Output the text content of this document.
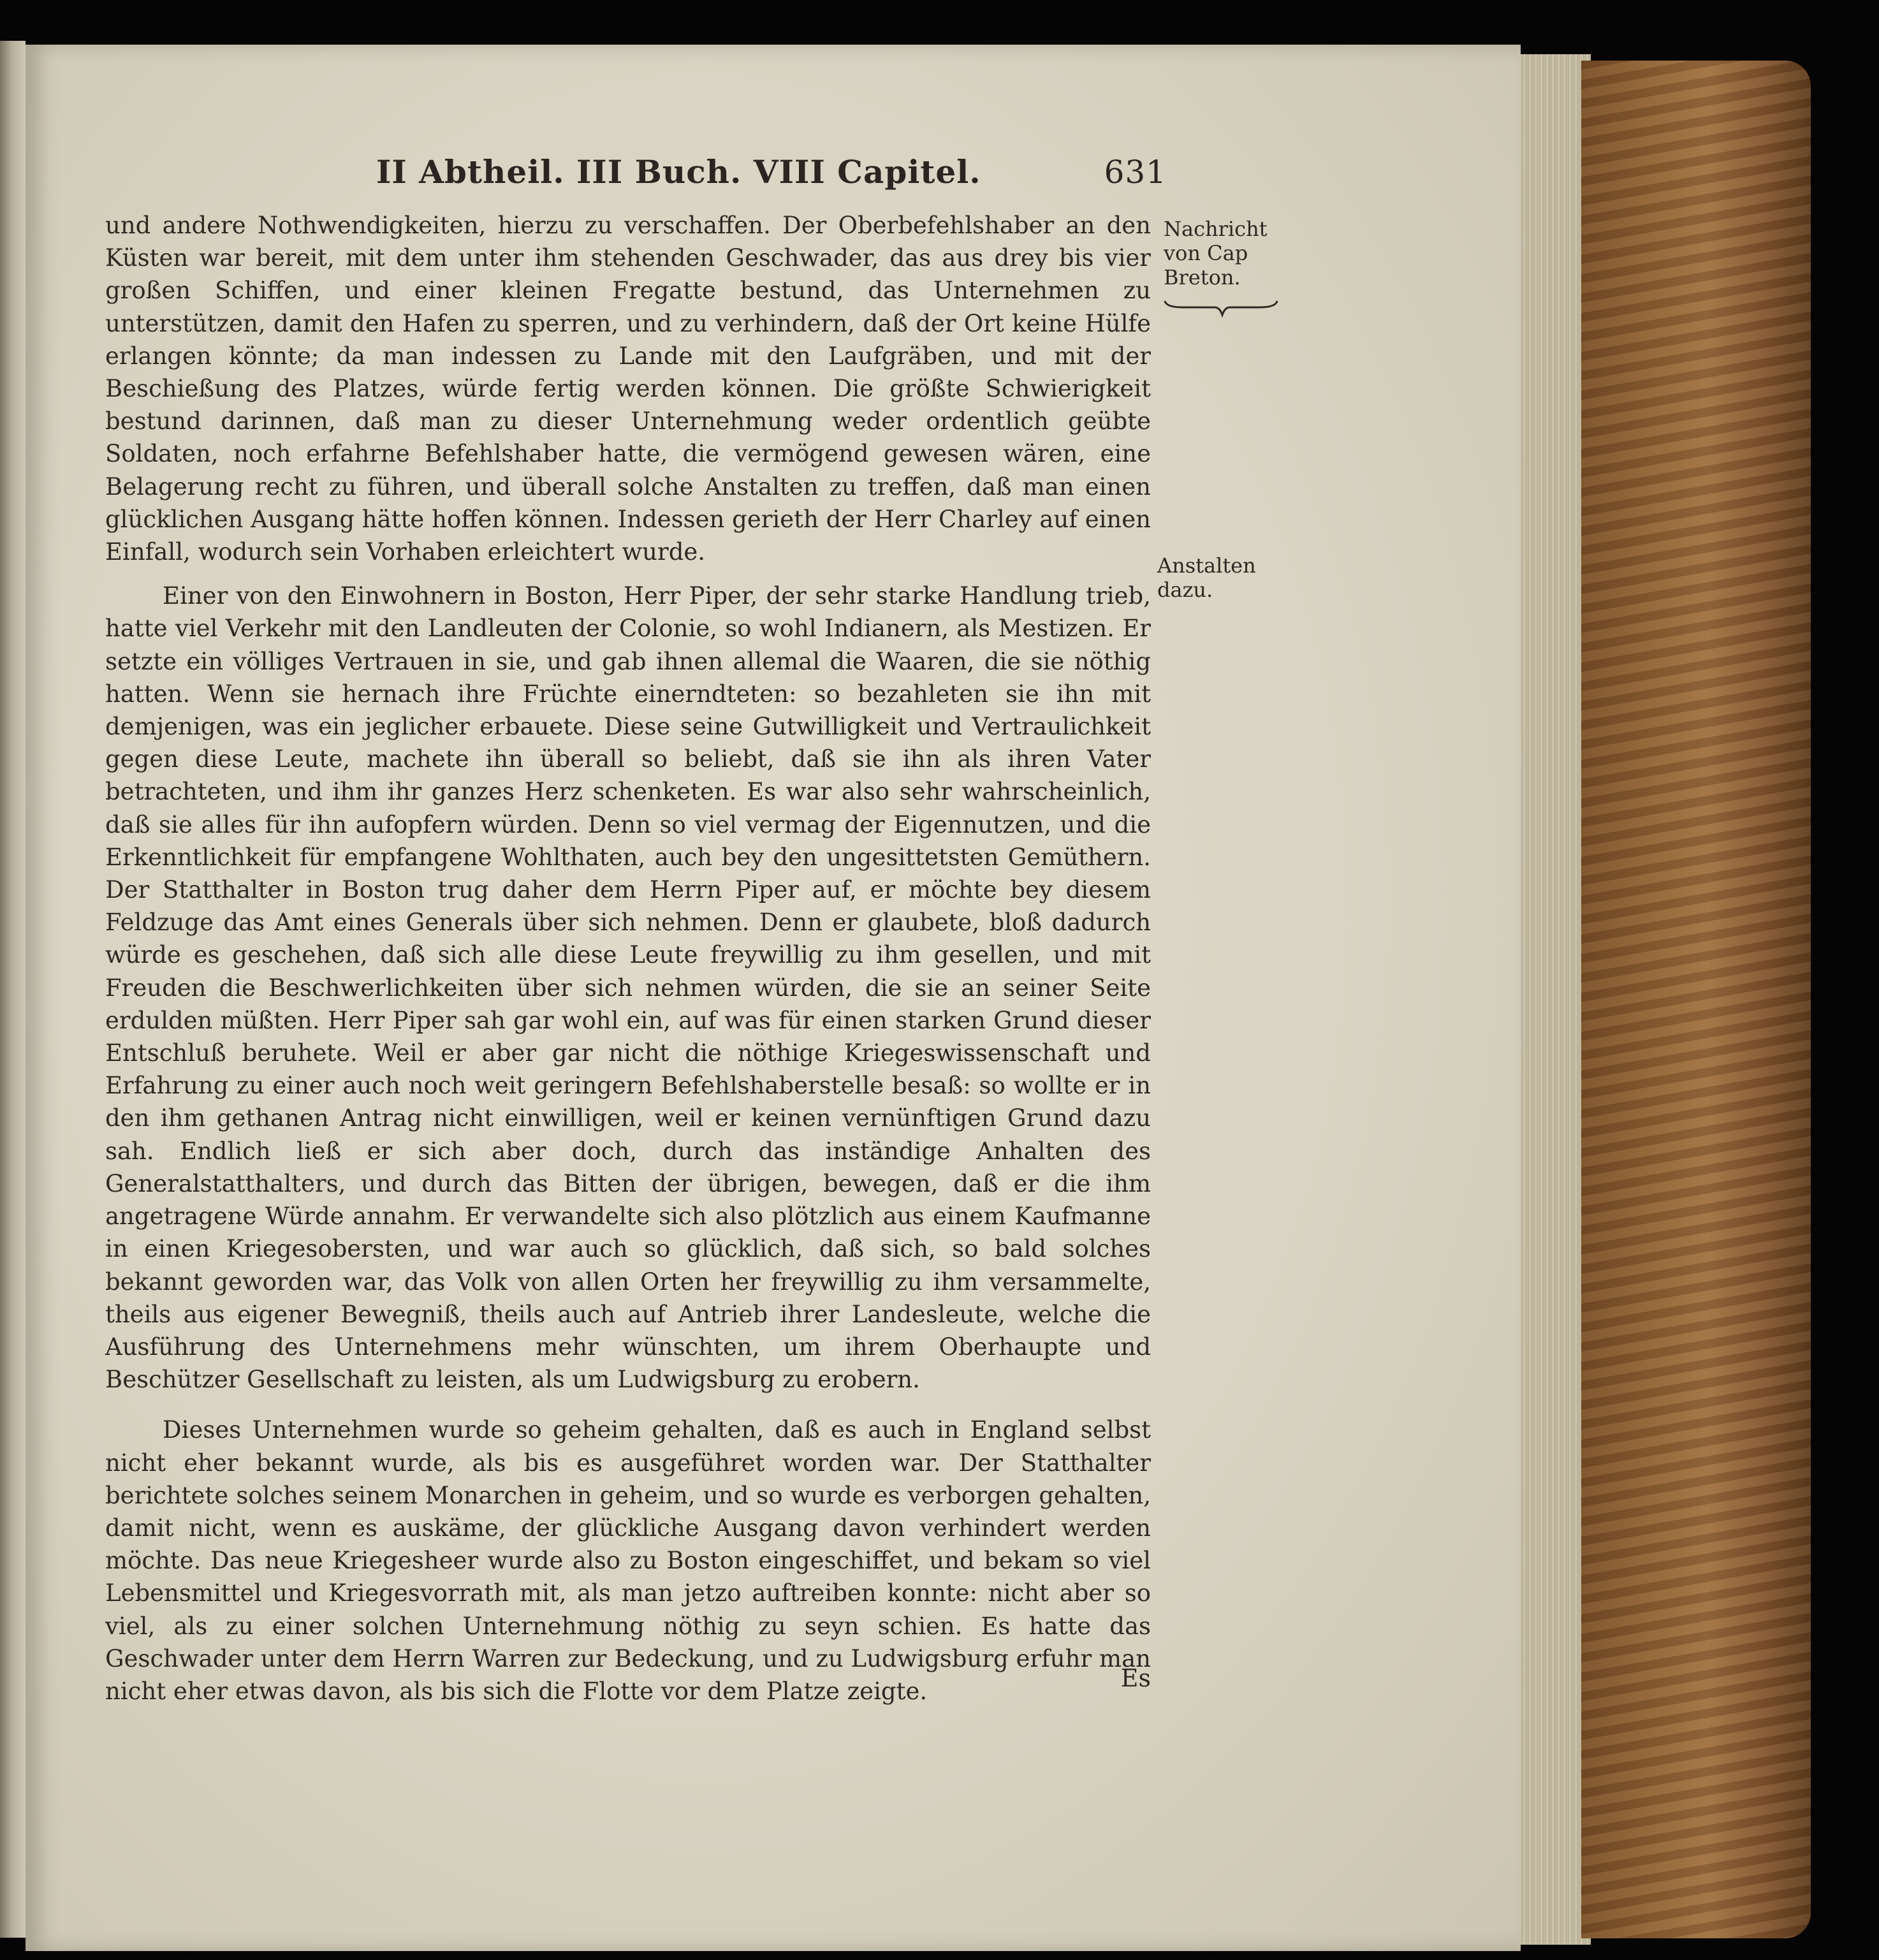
II Abtheil. III Buch. VIII Capitel.	631
Nachricht von Cap Breton.
Anstalten dazu.

und andere Nothwendigkeiten, hierzu zu verschaffen. Der Oberbefehlshaber an den Küsten war bereit, mit dem unter ihm stehenden Geschwader, das aus drey bis vier großen Schiffen, und einer kleinen Fregatte bestund, das Unternehmen zu unterstützen, damit den Hafen zu sperren, und zu verhindern, daß der Ort keine Hülfe erlangen könnte; da man indessen zu Lande mit den Laufgräben, und mit der Beschießung des Platzes, würde fertig werden können. Die größte Schwierigkeit bestund darinnen, daß man zu dieser Unternehmung weder ordentlich geübte Soldaten, noch erfahrne Befehlshaber hatte, die vermögend gewesen wären, eine Belagerung recht zu führen, und überall solche Anstalten zu treffen, daß man einen glücklichen Ausgang hätte hoffen können. Indessen gerieth der Herr Charley auf einen Einfall, wodurch sein Vorhaben erleichtert wurde.

Einer von den Einwohnern in Boston, Herr Piper, der sehr starke Handlung trieb, hatte viel Verkehr mit den Landleuten der Colonie, so wohl Indianern, als Mestizen. Er setzte ein völliges Vertrauen in sie, und gab ihnen allemal die Waaren, die sie nöthig hatten. Wenn sie hernach ihre Früchte einerndteten: so bezahleten sie ihn mit demjenigen, was ein jeglicher erbauete. Diese seine Gutwilligkeit und Vertraulichkeit gegen diese Leute, machete ihn überall so beliebt, daß sie ihn als ihren Vater betrachteten, und ihm ihr ganzes Herz schenketen. Es war also sehr wahrscheinlich, daß sie alles für ihn aufopfern würden. Denn so viel vermag der Eigennutzen, und die Erkenntlichkeit für empfangene Wohlthaten, auch bey den ungesittetsten Gemüthern. Der Statthalter in Boston trug daher dem Herrn Piper auf, er möchte bey diesem Feldzuge das Amt eines Generals über sich nehmen. Denn er glaubete, bloß dadurch würde es geschehen, daß sich alle diese Leute freywillig zu ihm gesellen, und mit Freuden die Beschwerlichkeiten über sich nehmen würden, die sie an seiner Seite erdulden müßten. Herr Piper sah gar wohl ein, auf was für einen starken Grund dieser Entschluß beruhete. Weil er aber gar nicht die nöthige Kriegeswissenschaft und Erfahrung zu einer auch noch weit geringern Befehlshaberstelle besaß: so wollte er in den ihm gethanen Antrag nicht einwilligen, weil er keinen vernünftigen Grund dazu sah. Endlich ließ er sich aber doch, durch das inständige Anhalten des Generalstatthalters, und durch das Bitten der übrigen, bewegen, daß er die ihm angetragene Würde annahm. Er verwandelte sich also plötzlich aus einem Kaufmanne in einen Kriegesobersten, und war auch so glücklich, daß sich, so bald solches bekannt geworden war, das Volk von allen Orten her freywillig zu ihm versammelte, theils aus eigener Bewegniß, theils auch auf Antrieb ihrer Landesleute, welche die Ausführung des Unternehmens mehr wünschten, um ihrem Oberhaupte und Beschützer Gesellschaft zu leisten, als um Ludwigsburg zu erobern.

Dieses Unternehmen wurde so geheim gehalten, daß es auch in England selbst nicht eher bekannt wurde, als bis es ausgeführet worden war. Der Statthalter berichtete solches seinem Monarchen in geheim, und so wurde es verborgen gehalten, damit nicht, wenn es auskäme, der glückliche Ausgang davon verhindert werden möchte. Das neue Kriegesheer wurde also zu Boston eingeschiffet, und bekam so viel Lebensmittel und Kriegesvorrath mit, als man jetzo auftreiben konnte: nicht aber so viel, als zu einer solchen Unternehmung nöthig zu seyn schien. Es hatte das Geschwader unter dem Herrn Warren zur Bedeckung, und zu Ludwigsburg erfuhr man nicht eher etwas davon, als bis sich die Flotte vor dem Platze zeigte.	Es
